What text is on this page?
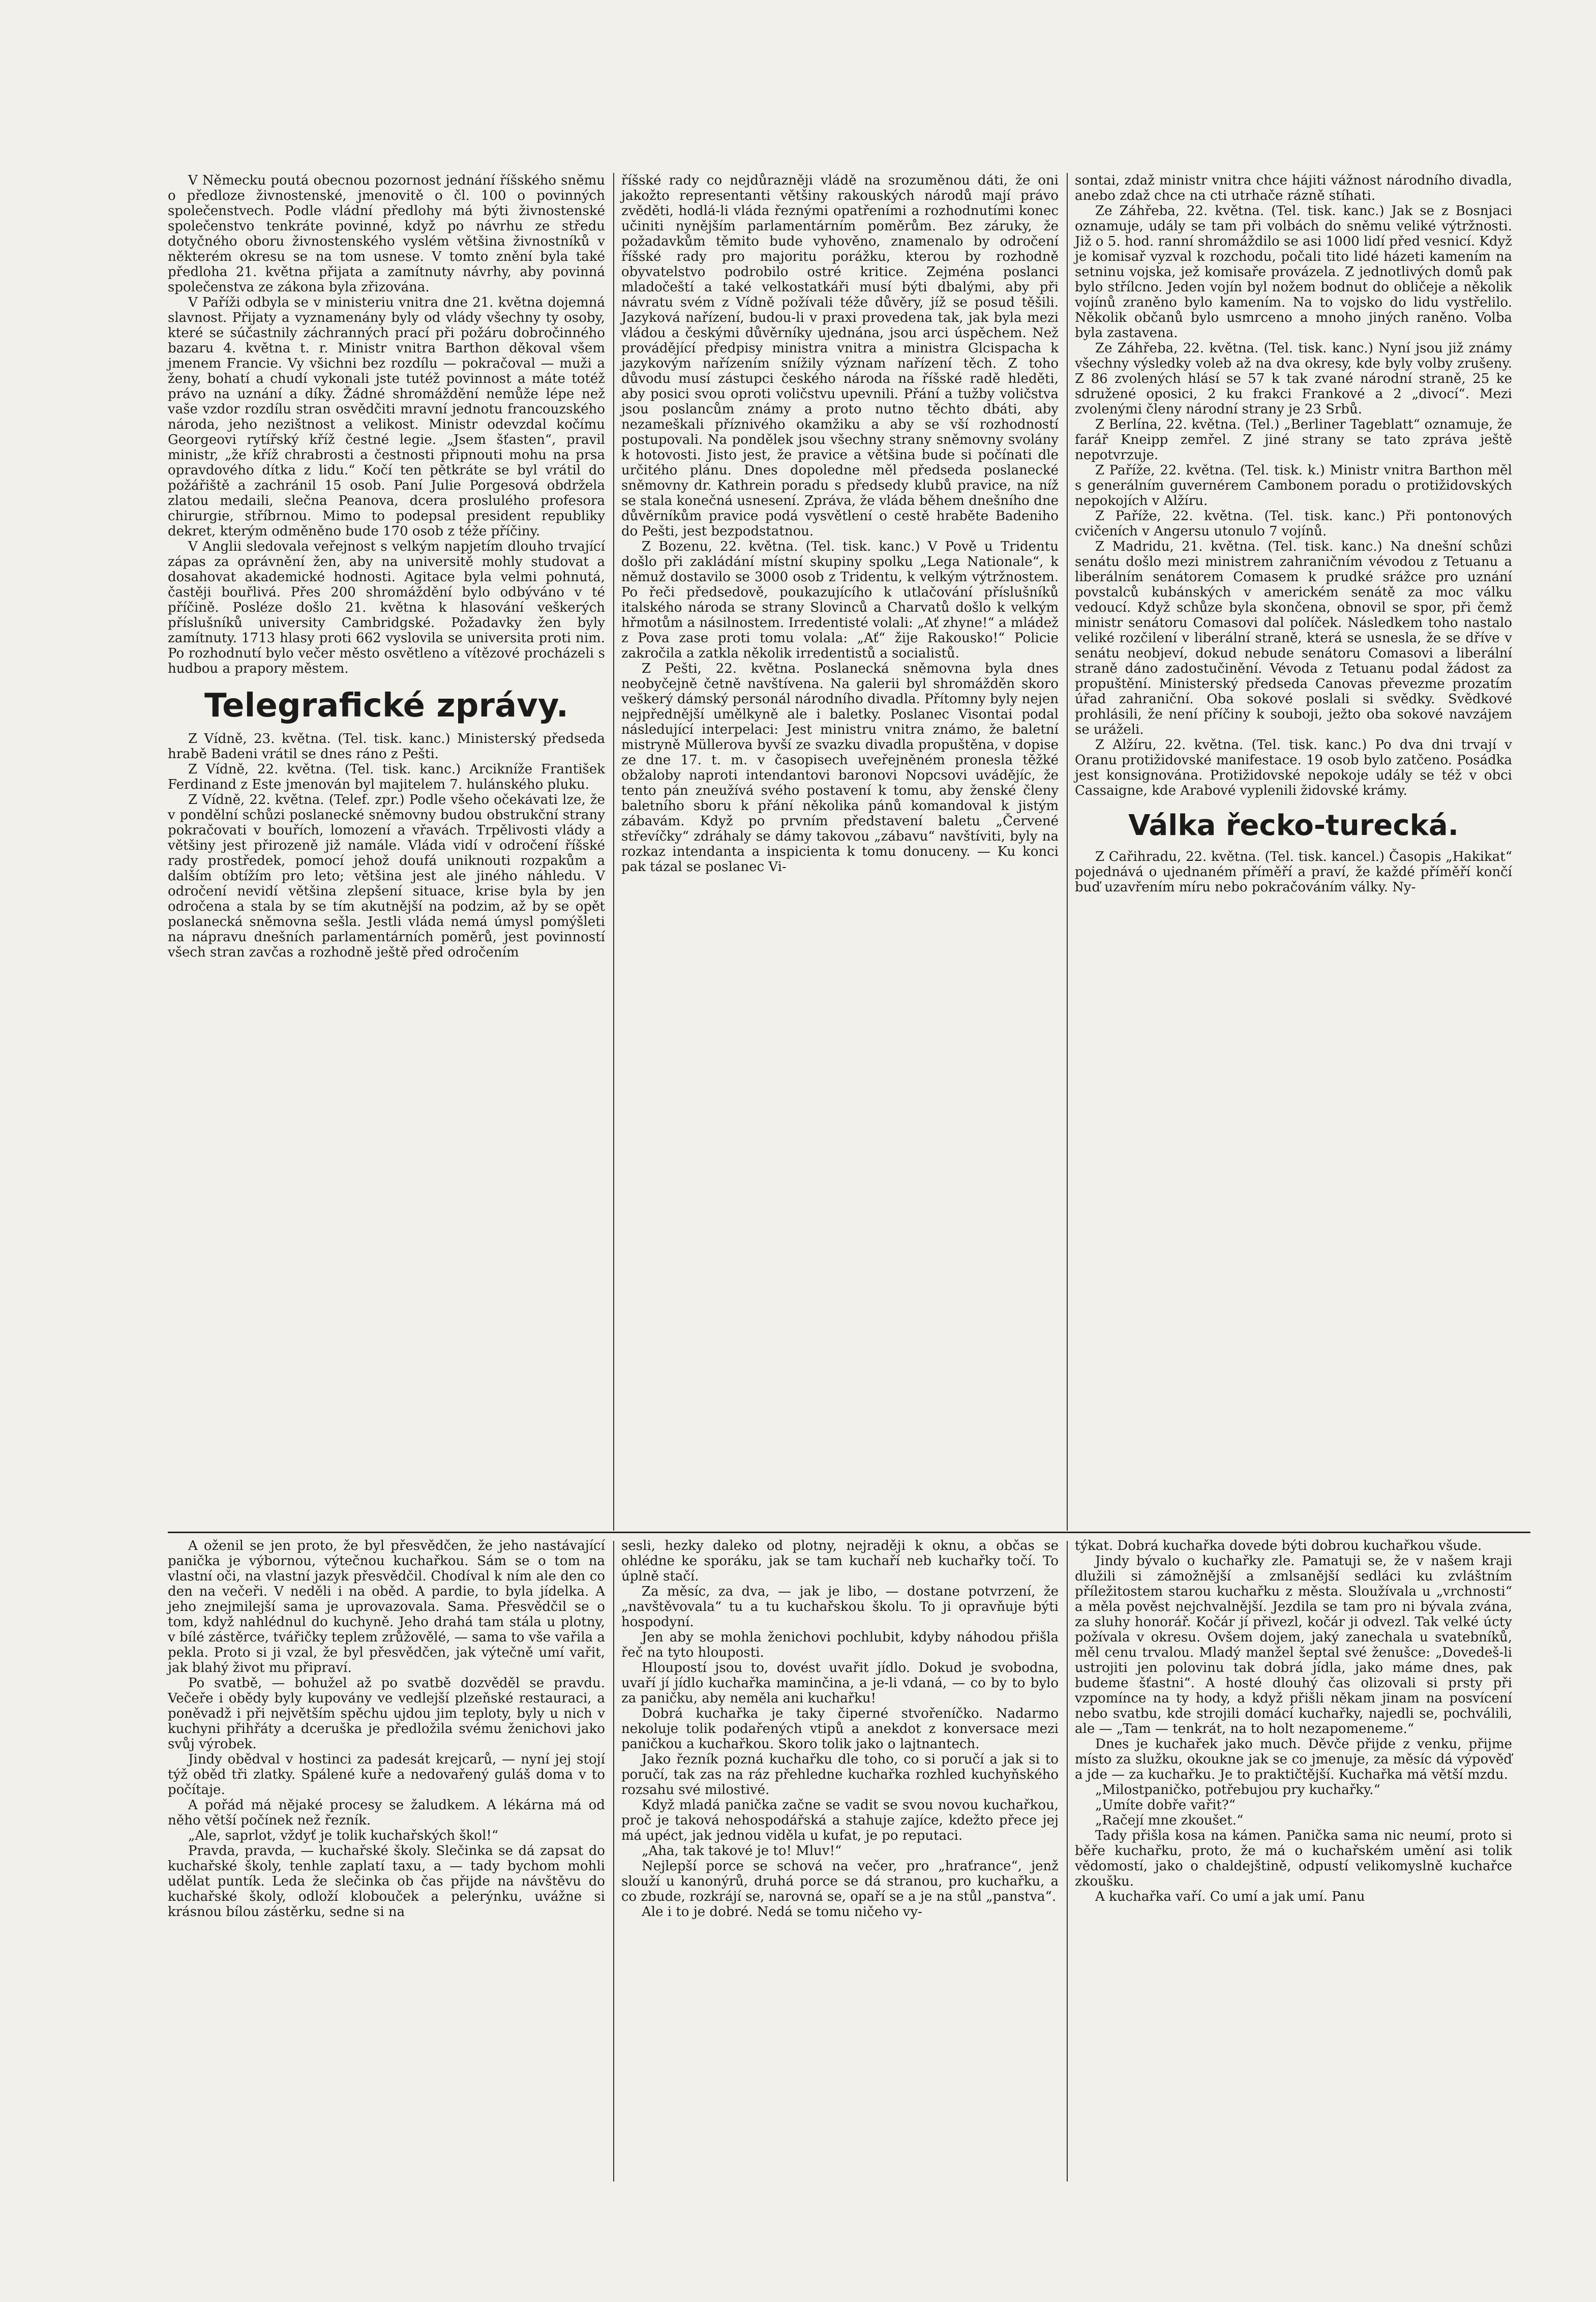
V Německu poutá obecnou pozornost jednání říšského sněmu o předloze živnostenské, jmenovitě o čl. 100 o povinných společenstvech. Podle vládní předlohy má býti živnostenské společenstvo tenkráte povinné, když po návrhu ze středu dotyčného oboru živnostenského vyslém většina živnostníků v některém okresu se na tom usnese. V tomto znění byla také předloha 21. května přijata a zamítnuty návrhy, aby povinná společenstva ze zákona byla zřizována.

V Paříži odbyla se v ministeriu vnitra dne 21. května dojemná slavnost. Přijaty a vyznamenány byly od vlády všechny ty osoby, které se súčastnily záchranných prací při požáru dobročinného bazaru 4. května t. r. Ministr vnitra Barthon děkoval všem jmenem Francie. Vy všichni bez rozdílu — pokračoval — muži a ženy, bohatí a chudí vykonali jste tutéž povinnost a máte totéž právo na uznání a díky. Žádné shromáždění nemůže lépe než vaše vzdor rozdílu stran osvědčiti mravní jednotu francouzského národa, jeho nezištnost a velikost. Ministr odevzdal kočímu Georgeovi rytířský kříž čestné legie. „Jsem šťasten“, pravil ministr, „že kříž chrabrosti a čestnosti připnouti mohu na prsa opravdového dítka z lidu.“ Kočí ten pětkráte se byl vrátil do požářiště a zachránil 15 osob. Paní Julie Porgesová obdržela zlatou medaili, slečna Peanova, dcera proslulého profesora chirurgie, stříbrnou. Mimo to podepsal president republiky dekret, kterým odměněno bude 170 osob z téže příčiny.

V Anglii sledovala veřejnost s velkým napjetím dlouho trvající zápas za oprávnění žen, aby na universitě mohly studovat a dosahovat akademické hodnosti. Agitace byla velmi pohnutá, častěji bouřlivá. Přes 200 shromáždění bylo odbýváno v té příčině. Posléze došlo 21. května k hlasování veškerých příslušníků university Cambridgské. Požadavky žen byly zamítnuty. 1713 hlasy proti 662 vyslovila se universita proti nim. Po rozhodnutí bylo večer město osvětleno a vítězové procházeli s hudbou a prapory městem.

Telegrafické zprávy.

Z Vídně, 23. května. (Tel. tisk. kanc.) Ministerský předseda hrabě Badeni vrátil se dnes ráno z Pešti.

Z Vídně, 22. května. (Tel. tisk. kanc.) Arcikníže František Ferdinand z Este jmenován byl majitelem 7. hulánského pluku.

Z Vídně, 22. května. (Telef. zpr.) Podle všeho očekávati lze, že v pondělní schůzi poslanecké sněmovny budou obstrukční strany pokračovati v bouřích, lomození a vřavách. Trpělivosti vlády a většiny jest přirozeně již namále. Vláda vidí v odročení říšské rady prostředek, pomocí jehož doufá uniknouti rozpakům a dalším obtížím pro leto; většina jest ale jiného náhledu. V odročení nevidí většina zlepšení situace, krise byla by jen odročena a stala by se tím akutnější na podzim, až by se opět poslanecká sněmovna sešla. Jestli vláda nemá úmysl pomýšleti na nápravu dnešních parlamentárních poměrů, jest povinností všech stran zavčas a rozhodně ještě před odročením

říšské rady co nejdůrazněji vládě na srozuměnou dáti, že oni jakožto representanti většiny rakouských národů mají právo zvěděti, hodlá-li vláda řeznými opatřeními a rozhodnutími konec učiniti nynějším parlamentárním poměrům. Bez záruky, že požadavkům těmito bude vyhověno, znamenalo by odročení říšské rady pro majoritu porážku, kterou by rozhodně obyvatelstvo podrobilo ostré kritice. Zejména poslanci mladočeští a také velkostatkáři musí býti dbalými, aby při návratu svém z Vídně požívali téže důvěry, jíž se posud těšili. Jazyková nařízení, budou-li v praxi provedena tak, jak byla mezi vládou a českými důvěrníky ujednána, jsou arci úspěchem. Než provádějící předpisy ministra vnitra a ministra Glcispacha k jazykovým nařízením snížily význam nařízení těch. Z toho důvodu musí zástupci českého národa na říšské radě hleděti, aby posici svou oproti voličstvu upevnili. Přání a tužby voličstva jsou poslancům známy a proto nutno těchto dbáti, aby nezameškali příznivého okamžiku a aby se vší rozhodností postupovali. Na pondělek jsou všechny strany sněmovny svolány k hotovosti. Jisto jest, že pravice a většina bude si počínati dle určitého plánu. Dnes dopoledne měl předseda poslanecké sněmovny dr. Kathrein poradu s předsedy klubů pravice, na níž se stala konečná usnesení. Zpráva, že vláda během dnešního dne důvěrníkům pravice podá vysvětlení o cestě hraběte Badeniho do Pešti, jest bezpodstatnou.

Z Bozenu, 22. května. (Tel. tisk. kanc.) V Pově u Tridentu došlo při zakládání místní skupiny spolku „Lega Nationale“, k němuž dostavilo se 3000 osob z Tridentu, k velkým výtržnostem. Po řeči předsedově, poukazujícího k utlačování příslušníků italského národa se strany Slovinců a Charvatů došlo k velkým hřmotům a násilnostem. Irredentisté volali: „Ať zhyne!“ a mládež z Pova zase proti tomu volala: „Ať“ žije Rakousko!“ Policie zakročila a zatkla několik irredentistů a socialistů.

Z Pešti, 22. května. Poslanecká sněmovna byla dnes neobyčejně četně navštívena. Na galerii byl shromážděn skoro veškerý dámský personál národního divadla. Přítomny byly nejen nejpřednější umělkyně ale i baletky. Poslanec Visontai podal následující interpelaci: Jest ministru vnitra známo, že baletní mistryně Müllerova byvší ze svazku divadla propuštěna, v dopise ze dne 17. t. m. v časopisech uveřejněném pronesla těžké obžaloby naproti intendantovi baronovi Nopcsovi uvádějíc, že tento pán zneužívá svého postavení k tomu, aby ženské členy baletního sboru k přání několika pánů komandoval k jistým zábavám. Když po prvním představení baletu „Červené střevíčky“ zdráhaly se dámy takovou „zábavu“ navštíviti, byly na rozkaz intendanta a inspicienta k tomu donuceny. — Ku konci pak tázal se poslanec Vi-

sontai, zdaž ministr vnitra chce hájiti vážnost národního divadla, anebo zdaž chce na cti utrhače rázně stíhati.

Ze Záhřeba, 22. května. (Tel. tisk. kanc.) Jak se z Bosnjaci oznamuje, udály se tam při volbách do sněmu veliké výtržnosti. Již o 5. hod. ranní shromáždilo se asi 1000 lidí před vesnicí. Když je komisař vyzval k rozchodu, počali tito lidé házeti kamením na setninu vojska, jež komisaře provázela. Z jednotlivých domů pak bylo střílcno. Jeden vojín byl nožem bodnut do obličeje a několik vojínů zraněno bylo kamením. Na to vojsko do lidu vystřelilo. Několik občanů bylo usmrceno a mnoho jiných raněno. Volba byla zastavena.

Ze Záhřeba, 22. května. (Tel. tisk. kanc.) Nyní jsou již známy všechny výsledky voleb až na dva okresy, kde byly volby zrušeny. Z 86 zvolených hlásí se 57 k tak zvané národní straně, 25 ke sdružené oposici, 2 ku frakci Frankové a 2 „divocí“. Mezi zvolenými členy národní strany je 23 Srbů.

Z Berlína, 22. května. (Tel.) „Berliner Tageblatt“ oznamuje, že farář Kneipp zemřel. Z jiné strany se tato zpráva ještě nepotvrzuje.

Z Paříže, 22. května. (Tel. tisk. k.) Ministr vnitra Barthon měl s generálním guvernérem Cambonem poradu o protižidovských nepokojích v Alžíru.

Z Paříže, 22. května. (Tel. tisk. kanc.) Při pontonových cvičeních v Angersu utonulo 7 vojínů.

Z Madridu, 21. května. (Tel. tisk. kanc.) Na dnešní schůzi senátu došlo mezi ministrem zahraničním vévodou z Tetuanu a liberálním senátorem Comasem k prudké srážce pro uznání povstalců kubánských v americkém senátě za moc válku vedoucí. Když schůze byla skončena, obnovil se spor, při čemž ministr senátoru Comasovi dal políček. Následkem toho nastalo veliké rozčilení v liberální straně, která se usnesla, že se dříve v senátu neobjeví, dokud nebude senátoru Comasovi a liberální straně dáno zadostučinění. Vévoda z Tetuanu podal žádost za propuštění. Ministerský předseda Canovas převezme prozatím úřad zahraniční. Oba sokové poslali si svědky. Svědkové prohlásili, že není příčiny k souboji, ježto oba sokové navzájem se uráželi.

Z Alžíru, 22. května. (Tel. tisk. kanc.) Po dva dni trvají v Oranu protižidovské manifestace. 19 osob bylo zatčeno. Posádka jest konsignována. Protižidovské nepokoje udály se též v obci Cassaigne, kde Arabové vyplenili židovské krámy.

Válka řecko-turecká.

Z Cařihradu, 22. května. (Tel. tisk. kancel.) Časopis „Hakikat“ pojednává o ujednaném příměří a praví, že každé příměří končí buď uzavřením míru nebo pokračováním války. Ny-

A oženil se jen proto, že byl přesvědčen, že jeho nastávající panička je výbornou, výtečnou kuchařkou. Sám se o tom na vlastní oči, na vlastní jazyk přesvědčil. Chodíval k ním ale den co den na večeři. V neděli i na oběd. A pardie, to byla jídelka. A jeho znejmilejší sama je uprovazovala. Sama. Přesvědčil se o tom, když nahlédnul do kuchyně. Jeho drahá tam stála u plotny, v bílé zástěrce, tvářičky teplem zrůžovělé, — sama to vše vařila a pekla. Proto si ji vzal, že byl přesvědčen, jak výtečně umí vařit, jak blahý život mu připraví.

Po svatbě, — bohužel až po svatbě dozvěděl se pravdu. Večeře i obědy byly kupovány ve vedlejší plzeňské restauraci, a poněvadž i při největším spěchu ujdou jim teploty, byly u nich v kuchyni přihřáty a dceruška je předložila svému ženichovi jako svůj výrobek.

Jindy obědval v hostinci za padesát krejcarů, — nyní jej stojí týž oběd tři zlatky. Spálené kuře a nedovařený guláš doma v to počítaje.

A pořád má nějaké procesy se žaludkem. A lékárna má od něho větší počínek než řezník.

„Ale, saprlot, vždyť je tolik kuchařských škol!“

Pravda, pravda, — kuchařské školy. Slečinka se dá zapsat do kuchařské školy, tenhle zaplatí taxu, a — tady bychom mohli udělat puntík. Leda že slečinka ob čas přijde na návštěvu do kuchařské školy, odloží klobouček a pelerýnku, uvážne si krásnou bílou zástěrku, sedne si na

sesli, hezky daleko od plotny, nejraději k oknu, a občas se ohlédne ke sporáku, jak se tam kuchaří neb kuchařky točí. To úplně stačí.

Za měsíc, za dva, — jak je libo, — dostane potvrzení, že „navštěvovala“ tu a tu kuchařskou školu. To ji opravňuje býti hospodyní.

Jen aby se mohla ženichovi pochlubit, kdyby náhodou přišla řeč na tyto hlouposti.

Hloupostí jsou to, dovést uvařit jídlo. Dokud je svobodna, uvaří jí jídlo kuchařka maminčina, a je-li vdaná, — co by to bylo za paničku, aby neměla ani kuchařku!

Dobrá kuchařka je taky čiperné stvořeníčko. Nadarmo nekoluje tolik podařených vtipů a anekdot z konversace mezi paničkou a kuchařkou. Skoro tolik jako o lajtnantech.

Jako řezník pozná kuchařku dle toho, co si poručí a jak si to poručí, tak zas na ráz přehledne kuchařka rozhled kuchyňského rozsahu své milostivé.

Když mladá panička začne se vadit se svou novou kuchařkou, proč je taková nehospodářská a stahuje zajíce, kdežto přece jej má upéct, jak jednou viděla u kufat, je po reputaci.

„Aha, tak takové je to! Mluv!“

Nejlepší porce se schová na večer, pro „hraťrance“, jenž slouží u kanonýrů, druhá porce se dá stranou, pro kuchařku, a co zbude, rozkrájí se, narovná se, opaří se a je na stůl „panstva“.

Ale i to je dobré. Nedá se tomu ničeho vy-

týkat. Dobrá kuchařka dovede býti dobrou kuchařkou všude.

Jindy bývalo o kuchařky zle. Pamatuji se, že v našem kraji dlužili si zámožnější a zmlsanější sedláci ku zvláštním příležitostem starou kuchařku z města. Sloužívala u „vrchnosti“ a měla pověst nejchvalnější. Jezdila se tam pro ni bývala zvána, za sluhy honorář. Kočár jí přivezl, kočár ji odvezl. Tak velké úcty požívala v okresu. Ovšem dojem, jaký zanechala u svatebníků, měl cenu trvalou. Mladý manžel šeptal své ženušce: „Dovedeš-li ustrojiti jen polovinu tak dobrá jídla, jako máme dnes, pak budeme šťastni“. A hosté dlouhý čas olizovali si prsty při vzpomínce na ty hody, a když přišli někam jinam na posvícení nebo svatbu, kde strojili domácí kuchařky, najedli se, pochválili, ale — „Tam — tenkrát, na to holt nezapomeneme.“

Dnes je kuchařek jako much. Děvče přijde z venku, přijme místo za služku, okoukne jak se co jmenuje, za měsíc dá výpověď a jde — za kuchařku. Je to praktičtější. Kuchařka má větší mzdu.

„Milostpaničko, potřebujou pry kuchařky.“

„Umíte dobře vařit?“

„Račejí mne zkoušet.“

Tady přišla kosa na kámen. Panička sama nic neumí, proto si běře kuchařku, proto, že má o kuchařském umění asi tolik vědomostí, jako o chaldejštině, odpustí velikomyslně kuchařce zkoušku.

A kuchařka vaří. Co umí a jak umí. Panu
